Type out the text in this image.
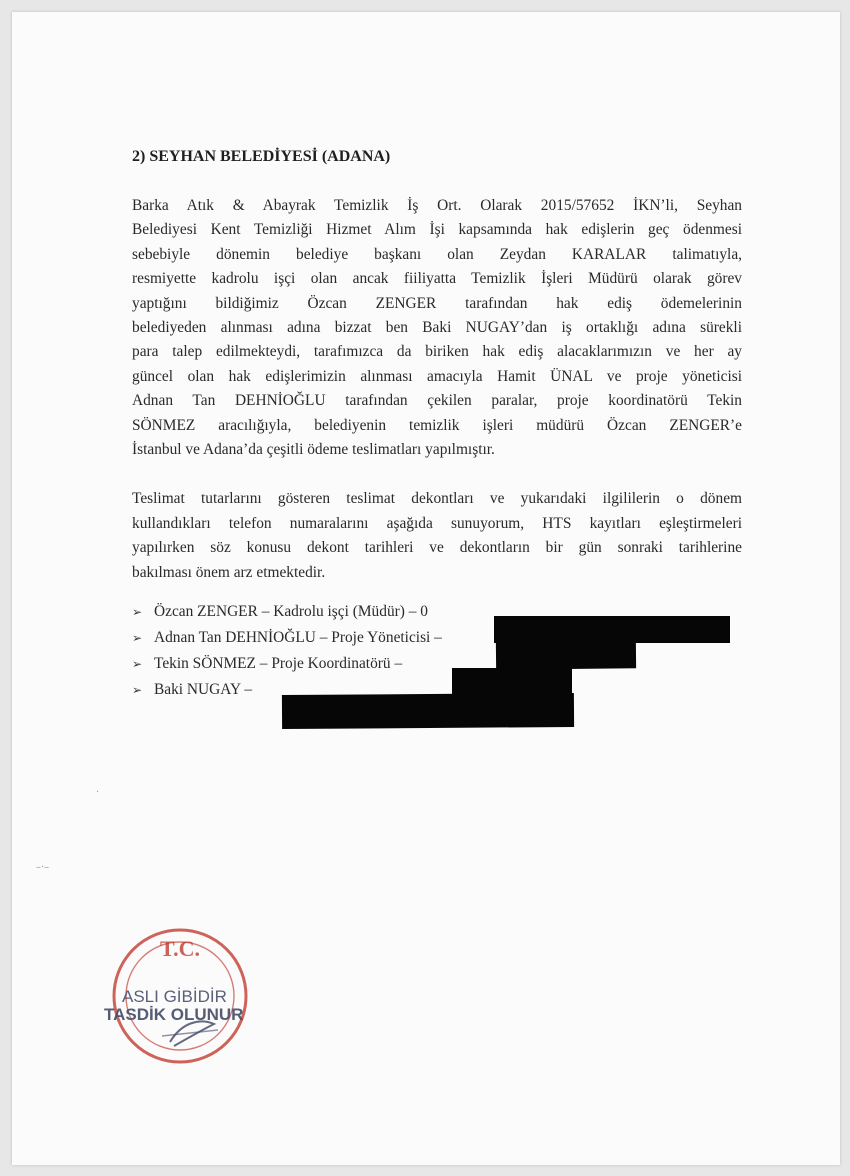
2) SEYHAN BELEDİYESİ (ADANA)

Barka Atık & Abayrak Temizlik İş Ort. Olarak 2015/57652 İKN’li, Seyhan
Belediyesi Kent Temizliği Hizmet Alım İşi kapsamında hak edişlerin geç ödenmesi
sebebiyle dönemin belediye başkanı olan Zeydan KARALAR talimatıyla,
resmiyette kadrolu işçi olan ancak fiiliyatta Temizlik İşleri Müdürü olarak görev
yaptığını bildiğimiz Özcan ZENGER tarafından hak ediş ödemelerinin
belediyeden alınması adına bizzat ben Baki NUGAY’dan iş ortaklığı adına sürekli
para talep edilmekteydi, tarafımızca da biriken hak ediş alacaklarımızın ve her ay
güncel olan hak edişlerimizin alınması amacıyla Hamit ÜNAL ve proje yöneticisi
Adnan Tan DEHNİOĞLU tarafından çekilen paralar, proje koordinatörü Tekin
SÖNMEZ aracılığıyla, belediyenin temizlik işleri müdürü Özcan ZENGER’e
İstanbul ve Adana’da çeşitli ödeme teslimatları yapılmıştır.

Teslimat tutarlarını gösteren teslimat dekontları ve yukarıdaki ilgililerin o dönem
kullandıkları telefon numaralarını aşağıda sunuyorum, HTS kayıtları eşleştirmeleri
yapılırken söz konusu dekont tarihleri ve dekontların bir gün sonraki tarihlerine
bakılması önem arz etmektedir.

➢ Özcan ZENGER – Kadrolu işçi (Müdür) – 0
➢ Adnan Tan DEHNİOĞLU – Proje Yöneticisi –
➢ Tekin SÖNMEZ – Proje Koordinatörü –
➢ Baki NUGAY –
·
–·–
T.C.
ASLI GİBİDİR
TASDİK OLUNUR
